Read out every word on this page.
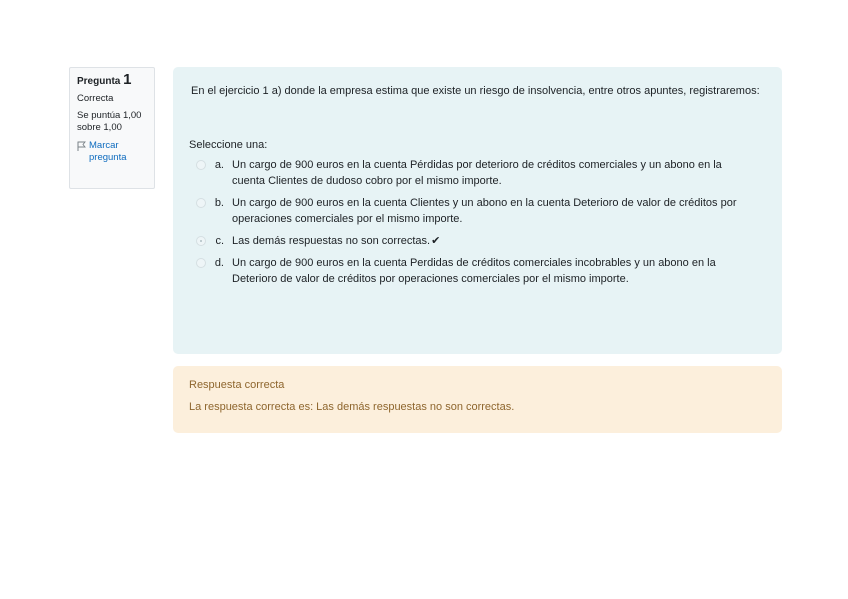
Pregunta 1
Correcta
Se puntúa 1,00 sobre 1,00
Marcar pregunta
En el ejercicio 1 a) donde la empresa estima que existe un riesgo de insolvencia, entre otros apuntes, registraremos:
Seleccione una:
a. Un cargo de 900 euros en la cuenta Pérdidas por deterioro de créditos comerciales y un abono en la cuenta Clientes de dudoso cobro por el mismo importe.
b. Un cargo de 900 euros en la cuenta Clientes y un abono en la cuenta Deterioro de valor de créditos por operaciones comerciales por el mismo importe.
c. Las demás respuestas no son correctas.✔
d. Un cargo de 900 euros en la cuenta Perdidas de créditos comerciales incobrables y un abono en la Deterioro de valor de créditos por operaciones comerciales por el mismo importe.
Respuesta correcta
La respuesta correcta es: Las demás respuestas no son correctas.
